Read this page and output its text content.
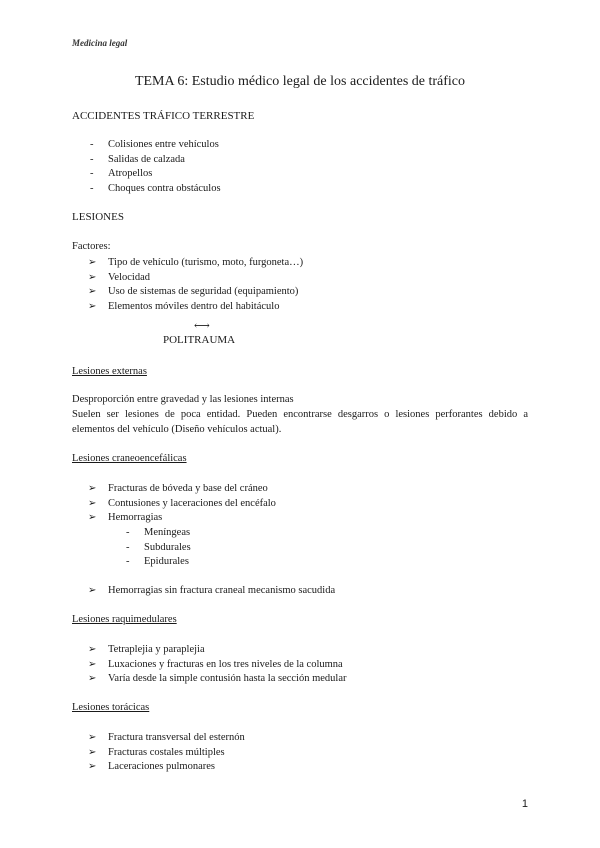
Medicina legal
TEMA 6: Estudio médico legal de los accidentes de tráfico
ACCIDENTES TRÁFICO TERRESTRE
- Colisiones entre vehículos
- Salidas de calzada
- Atropellos
- Choques contra obstáculos
LESIONES
Factores:
➢ Tipo de vehículo (turismo, moto, furgoneta…)
➢ Velocidad
➢ Uso de sistemas de seguridad (equipamiento)
➢ Elementos móviles dentro del habitáculo
⟷
POLITRAUMA
Lesiones externas
Desproporción entre gravedad y las lesiones internas
Suelen ser lesiones de poca entidad. Pueden encontrarse desgarros o lesiones perforantes debido a elementos del vehículo (Diseño vehículos actual).
Lesiones craneoencefálicas
➢ Fracturas de bóveda y base del cráneo
➢ Contusiones y laceraciones del encéfalo
➢ Hemorragias
- Meníngeas
- Subdurales
- Epidurales
➢ Hemorragias sin fractura craneal mecanismo sacudida
Lesiones raquimedulares
➢ Tetraplejia y paraplejia
➢ Luxaciones y fracturas en los tres niveles de la columna
➢ Varía desde la simple contusión hasta la sección medular
Lesiones torácicas
➢ Fractura transversal del esternón
➢ Fracturas costales múltiples
➢ Laceraciones pulmonares
1
